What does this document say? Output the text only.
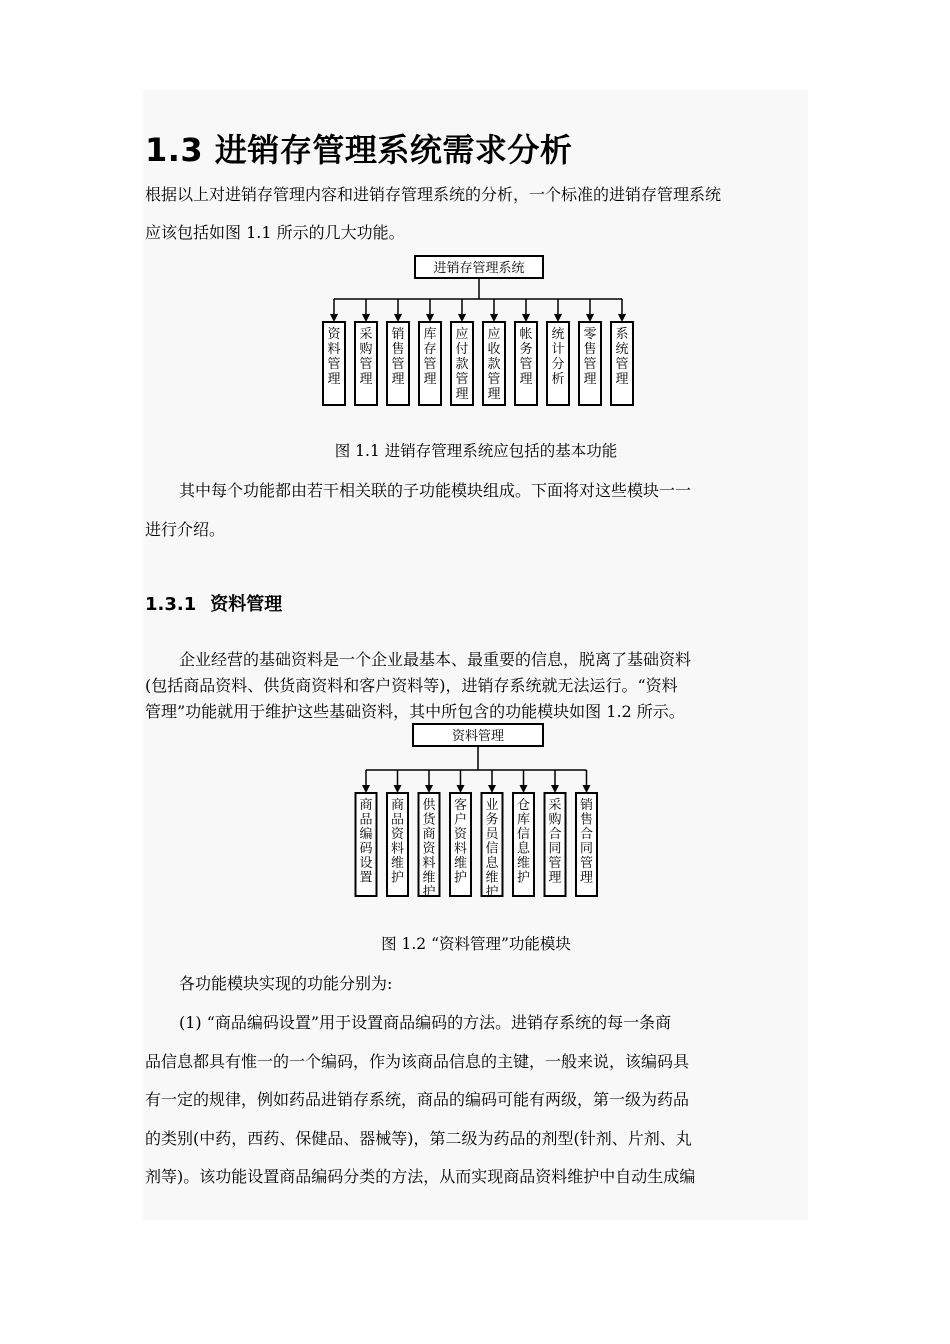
1.3 进销存管理系统需求分析
根据以上对进销存管理内容和进销存管理系统的分析，一个标准的进销存管理系统
应该包括如图 1.1 所示的几大功能。
进销存管理系统
资料管理
采购管理
销售管理
库存管理
应付款管理
应收款管理
帐务管理
统计分析
零售管理
系统管理
图 1.1 进销存管理系统应包括的基本功能
其中每个功能都由若干相关联的子功能模块组成。下面将对这些模块一一
进行介绍。
1.3.1 资料管理
企业经营的基础资料是一个企业最基本、最重要的信息，脱离了基础资料
(包括商品资料、供货商资料和客户资料等)，进销存系统就无法运行。“资料
管理”功能就用于维护这些基础资料，其中所包含的功能模块如图 1.2 所示。
资料管理
商品编码设置
商品资料维护
供货商资料维护
客户资料维护
业务员信息维护
仓库信息维护
采购合同管理
销售合同管理
图 1.2 “资料管理”功能模块
各功能模块实现的功能分别为:
(1) “商品编码设置”用于设置商品编码的方法。进销存系统的每一条商
品信息都具有惟一的一个编码，作为该商品信息的主键，一般来说，该编码具
有一定的规律，例如药品进销存系统，商品的编码可能有两级，第一级为药品
的类别(中药，西药、保健品、器械等)，第二级为药品的剂型(针剂、片剂、丸
剂等)。该功能设置商品编码分类的方法，从而实现商品资料维护中自动生成编
